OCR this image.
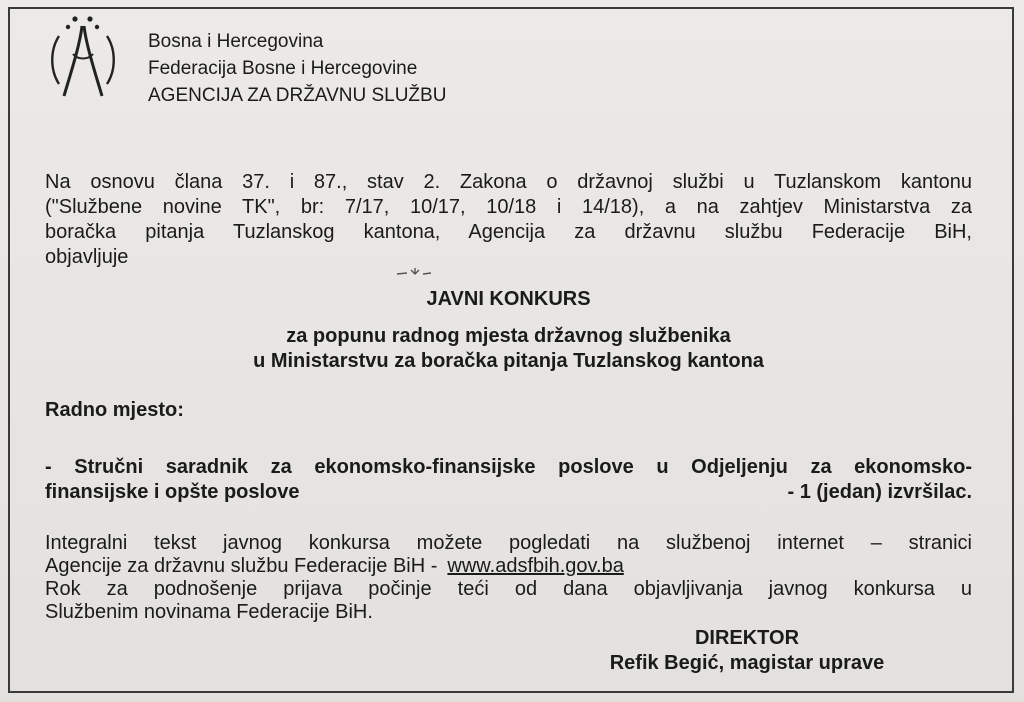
Bosna i Hercegovina
Federacija Bosne i Hercegovine
AGENCIJA ZA DRŽAVNU SLUŽBU
Na osnovu člana 37. i 87., stav 2. Zakona o državnoj službi u Tuzlanskom kantonu
("Službene novine TK", br: 7/17, 10/17, 10/18 i 14/18), a na zahtjev Ministarstva za
boračka pitanja Tuzlanskog kantona, Agencija za državnu službu Federacije BiH,
objavljuje
JAVNI KONKURS
za popunu radnog mjesta državnog službenika
u Ministarstvu za boračka pitanja Tuzlanskog kantona
Radno mjesto:
- Stručni saradnik za ekonomsko-finansijske poslove u Odjeljenju za ekonomsko-
finansijske i opšte poslove	- 1 (jedan) izvršilac.
Integralni tekst javnog konkursa možete pogledati na službenoj internet – stranici
Agencije za državnu službu Federacije BiH - www.adsfbih.gov.ba
Rok za podnošenje prijava počinje teći od dana objavljivanja javnog konkursa u
Službenim novinama Federacije BiH.
DIREKTOR
Refik Begić, magistar uprave
